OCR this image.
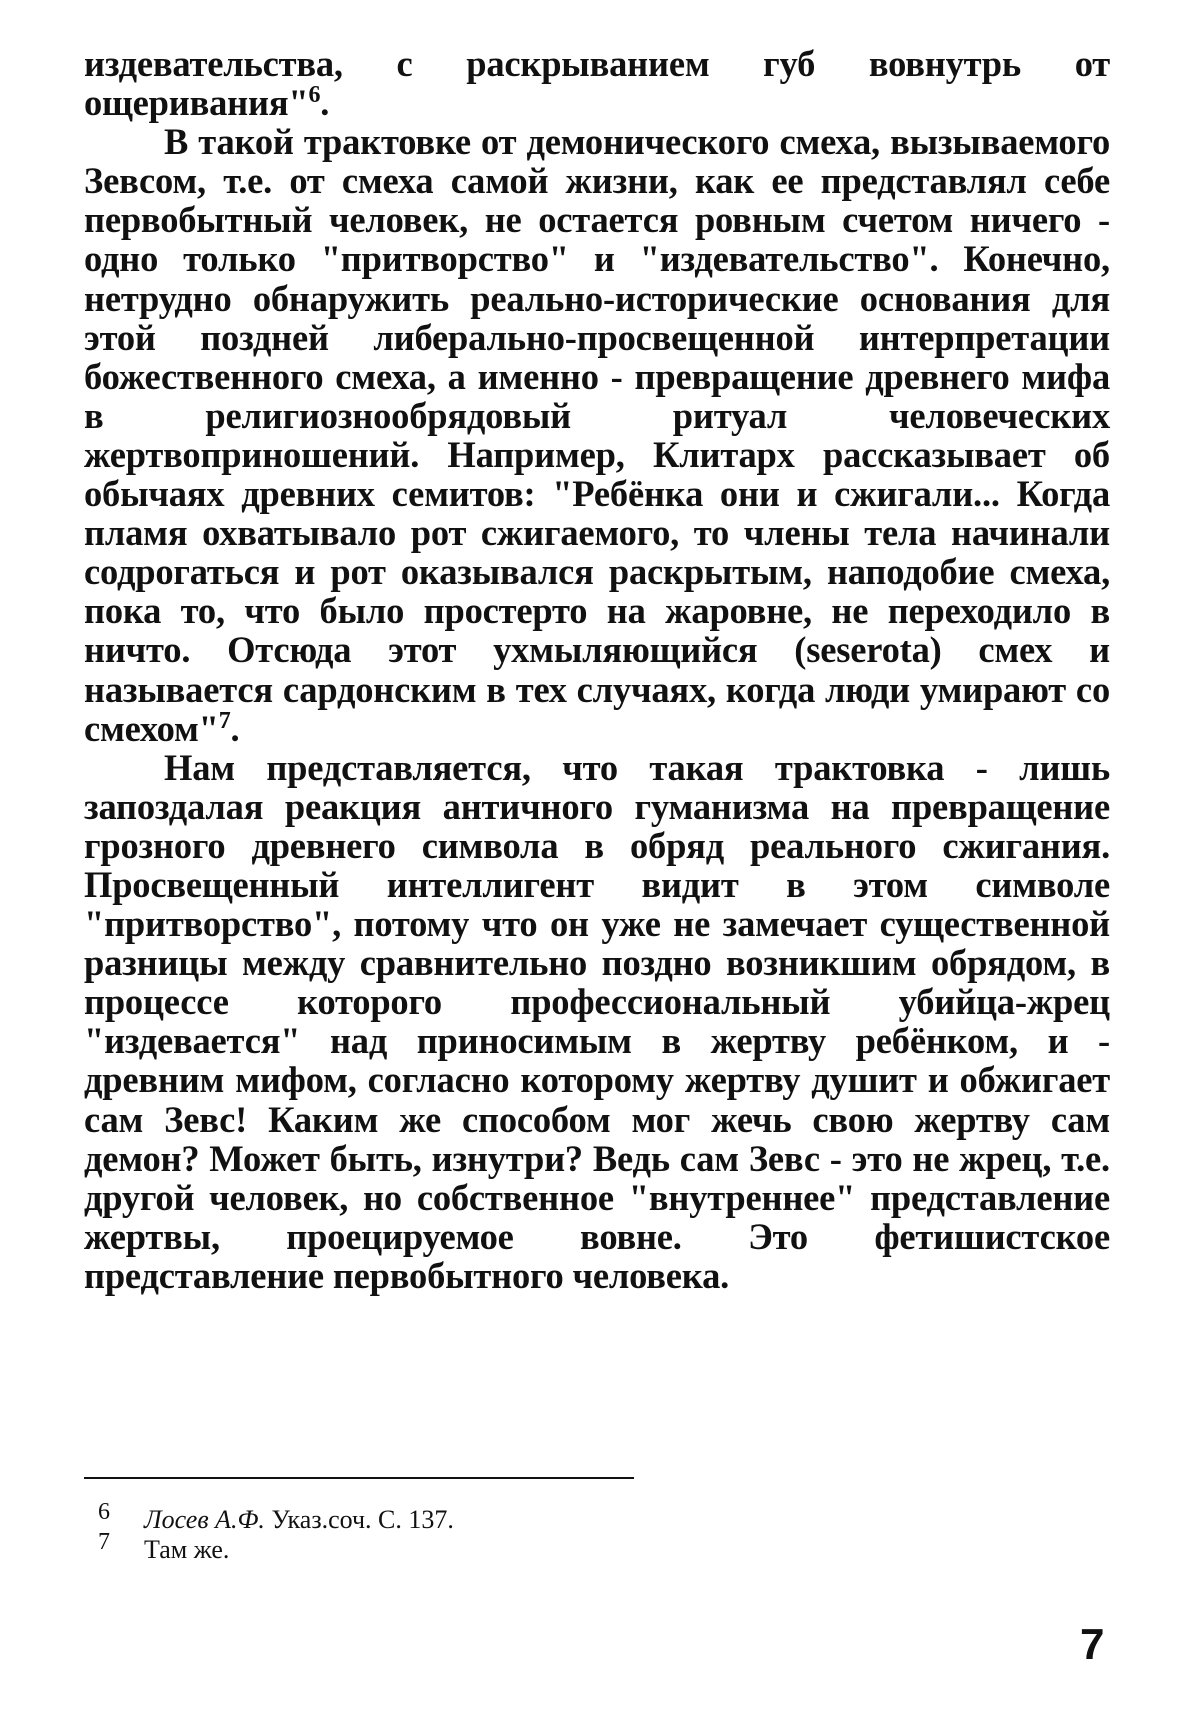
издевательства, с раскрыванием губ вовнутрь от ощеривания"$^6$.

В такой трактовке от демонического смеха, вызываемого Зевсом, т.е. от смеха самой жизни, как ее представлял себе первобытный человек, не остается ровным счетом ничего - одно только "притворство" и "издевательство". Конечно, нетрудно обнаружить реально-исторические основания для этой поздней либерально-просвещенной интерпретации божественного смеха, а именно - превращение древнего мифа в религиознообрядовый ритуал человеческих жертвоприношений. Например, Клитарх рассказывает об обычаях древних семитов: "Ребёнка они и сжигали... Когда пламя охватывало рот сжигаемого, то члены тела начинали содрогаться и рот оказывался раскрытым, наподобие смеха, пока то, что было простерто на жаровне, не переходило в ничто. Отсюда этот ухмыляющийся (seserota) смех и называется сардонским в тех случаях, когда люди умирают со смехом"$^7$.

Нам представляется, что такая трактовка - лишь запоздалая реакция античного гуманизма на превращение грозного древнего символа в обряд реального сжигания. Просвещенный интеллигент видит в этом символе "притворство", потому что он уже не замечает существенной разницы между сравнительно поздно возникшим обрядом, в процессе которого профессиональный убийца-жрец "издевается" над приносимым в жертву ребёнком, и - древним мифом, согласно которому жертву душит и обжигает сам Зевс! Каким же способом мог жечь свою жертву сам демон? Может быть, изнутри? Ведь сам Зевс - это не жрец, т.е. другой человек, но собственное "внутреннее" представление жертвы, проецируемое вовне. Это фетишистское представление первобытного человека.

6	Лосев А.Ф. Указ.соч. С. 137.
7	Там же.
7
